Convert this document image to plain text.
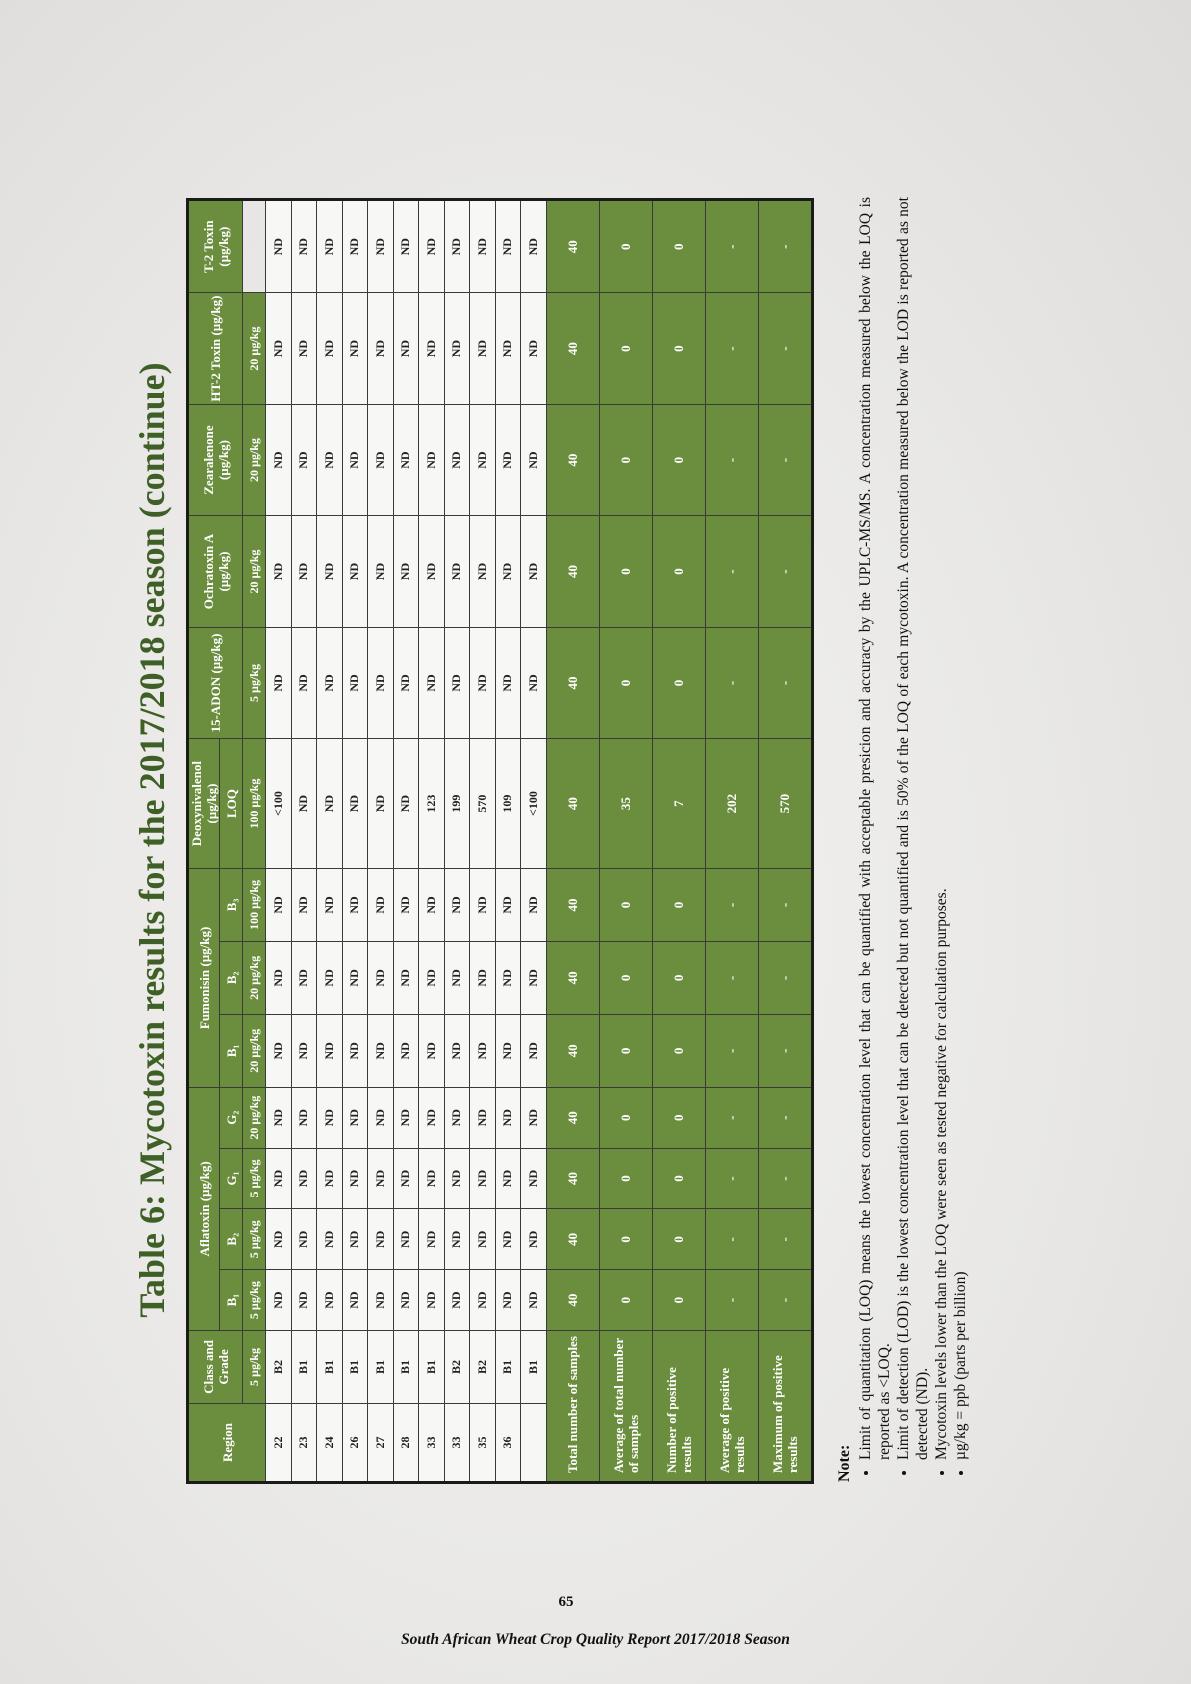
Table 6: Mycotoxin results for the 2017/2018 season (continue)
Region	Class and Grade	Aflatoxin (µg/kg)				Fumonisin (µg/kg)			Deoxynivalenol (µg/kg)	15-ADON (µg/kg)	Ochratoxin A (µg/kg)	Zearalenone (µg/kg)	HT-2 Toxin (µg/kg)	T-2 Toxin (µg/kg)
		B₁	B₂	G₁	G₂	B₁	B₂	B₃	LOQ					
	5 µg/kg	5 µg/kg	5 µg/kg	5 µg/kg	20 µg/kg	20 µg/kg	20 µg/kg	100 µg/kg	100 µg/kg	5 µg/kg	20 µg/kg	20 µg/kg	20 µg/kg	
22	B2	ND	ND	ND	ND	ND	ND	ND	<100	ND	ND	ND	ND	ND
23	B1	ND	ND	ND	ND	ND	ND	ND	ND	ND	ND	ND	ND	ND
24	B1	ND	ND	ND	ND	ND	ND	ND	ND	ND	ND	ND	ND	ND
26	B1	ND	ND	ND	ND	ND	ND	ND	ND	ND	ND	ND	ND	ND
27	B1	ND	ND	ND	ND	ND	ND	ND	ND	ND	ND	ND	ND	ND
28	B1	ND	ND	ND	ND	ND	ND	ND	ND	ND	ND	ND	ND	ND
33	B1	ND	ND	ND	ND	ND	ND	ND	123	ND	ND	ND	ND	ND
33	B2	ND	ND	ND	ND	ND	ND	ND	199	ND	ND	ND	ND	ND
35	B2	ND	ND	ND	ND	ND	ND	ND	570	ND	ND	ND	ND	ND
36	B1	ND	ND	ND	ND	ND	ND	ND	109	ND	ND	ND	ND	ND
	B1	ND	ND	ND	ND	ND	ND	ND	<100	ND	ND	ND	ND	ND
Total number of samples		40	40	40	40	40	40	40	40	40	40	40	40	40
Average of total number of samples		0	0	0	0	0	0	0	35	0	0	0	0	0
Number of positive results		0	0	0	0	0	0	0	7	0	0	0	0	0
Average of positive results		-	-	-	-	-	-	-	202	-	-	-	-	-
Maximum of positive results		-	-	-	-	-	-	-	570	-	-	-	-	-
Note:
• Limit of quantitation (LOQ) means the lowest concentration level that can be quantified with acceptable presicion and accuracy by the UPLC-MS/MS. A concentration measured below the LOQ is reported as <LOQ. • Limit of detection (LOD) is the lowest concentration level that can be detected but not quantified and is 50% of the LOQ of each mycotoxin. A concentration measured below the LOD is reported as not detected (ND). • Mycotoxin levels lower than the LOQ were seen as tested negative for calculation purposes. • µg/kg = ppb (parts per billion)
65
South African Wheat Crop Quality Report 2017/2018 Season
